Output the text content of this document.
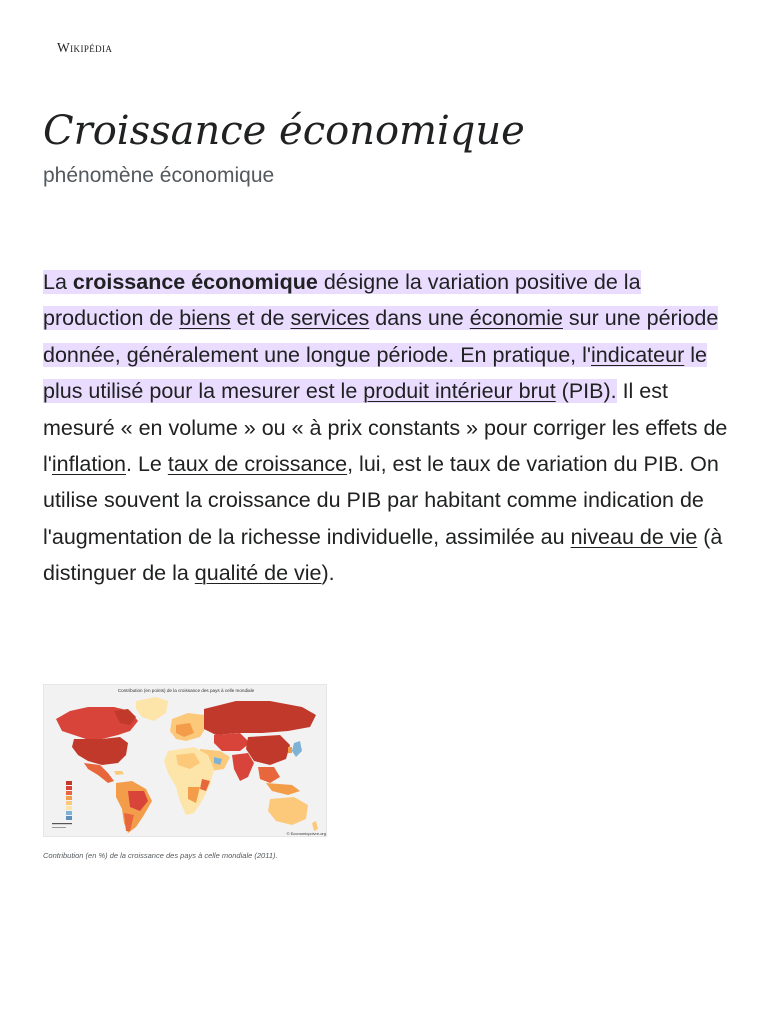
Wikipédia
Croissance économique
phénomène économique

La croissance économique désigne la variation positive de la production de biens et de services dans une économie sur une période donnée, généralement une longue période. En pratique, l'indicateur le plus utilisé pour la mesurer est le produit intérieur brut (PIB). Il est mesuré « en volume » ou « à prix constants » pour corriger les effets de l'inflation. Le taux de croissance, lui, est le taux de variation du PIB. On utilise souvent la croissance du PIB par habitant comme indication de l'augmentation de la richesse individuelle, assimilée au niveau de vie (à distinguer de la qualité de vie).

Contribution (en points) de la croissance des pays à celle mondiale
© Economicpoivre.org
Contribution (en %) de la croissance des pays à celle mondiale (2011).
